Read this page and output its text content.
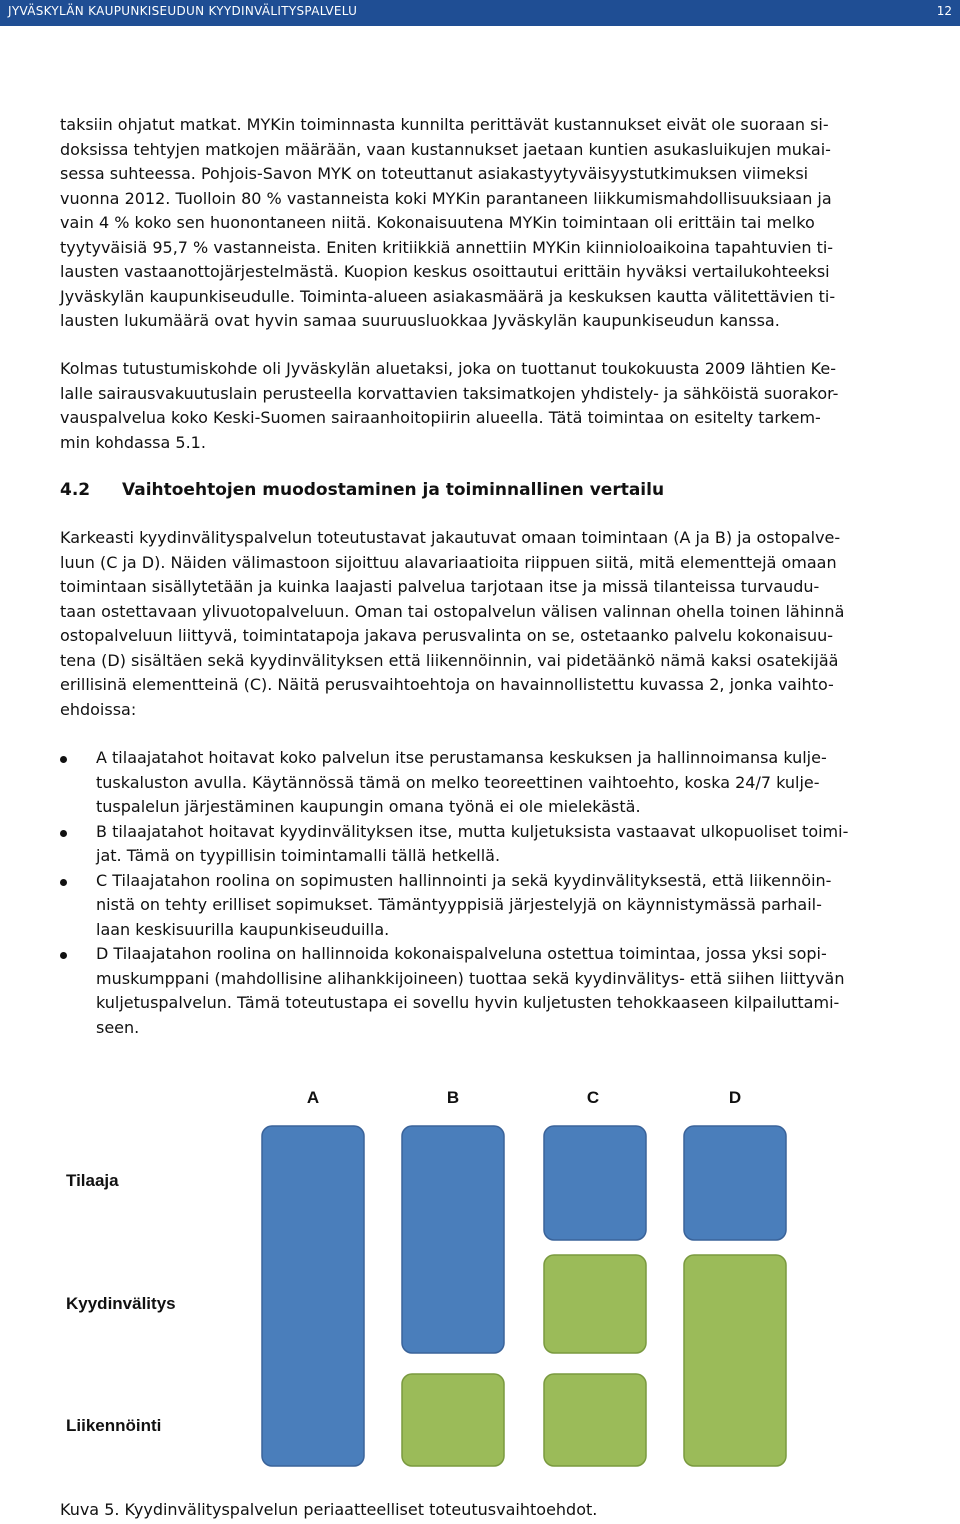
JYVÄSKYLÄN KAUPUNKISEUDUN KYYDINVÄLITYSPALVELU	12
taksiin ohjatut matkat. MYKin toiminnasta kunnilta perittävät kustannukset eivät ole suoraan si-
doksissa tehtyjen matkojen määrään, vaan kustannukset jaetaan kuntien asukasluikujen mukai-
sessa suhteessa. Pohjois-Savon MYK on toteuttanut asiakastyytyväisyystutkimuksen viimeksi
vuonna 2012. Tuolloin 80 % vastanneista koki MYKin parantaneen liikkumismahdollisuuksiaan ja
vain 4 % koko sen huonontaneen niitä. Kokonaisuutena MYKin toimintaan oli erittäin tai melko
tyytyväisiä 95,7 % vastanneista. Eniten kritiikkiä annettiin MYKin kiinnioloaikoina tapahtuvien ti-
lausten vastaanottojärjestelmästä. Kuopion keskus osoittautui erittäin hyväksi vertailukohteeksi
Jyväskylän kaupunkiseudulle. Toiminta-alueen asiakasmäärä ja keskuksen kautta välitettävien ti-
lausten lukumäärä ovat hyvin samaa suuruusluokkaa Jyväskylän kaupunkiseudun kanssa.
Kolmas tutustumiskohde oli Jyväskylän aluetaksi, joka on tuottanut toukokuusta 2009 lähtien Ke-
lalle sairausvakuutuslain perusteella korvattavien taksimatkojen yhdistely- ja sähköistä suorakor-
vauspalvelua koko Keski-Suomen sairaanhoitopiirin alueella. Tätä toimintaa on esitelty tarkem-
min kohdassa 5.1.
4.2 Vaihtoehtojen muodostaminen ja toiminnallinen vertailu
Karkeasti kyydinvälityspalvelun toteutustavat jakautuvat omaan toimintaan (A ja B) ja ostopalve-
luun (C ja D). Näiden välimastoon sijoittuu alavariaatioita riippuen siitä, mitä elementtejä omaan
toimintaan sisällytetään ja kuinka laajasti palvelua tarjotaan itse ja missä tilanteissa turvaudu-
taan ostettavaan ylivuotopalveluun. Oman tai ostopalvelun välisen valinnan ohella toinen lähinnä
ostopalveluun liittyvä, toimintatapoja jakava perusvalinta on se, ostetaanko palvelu kokonaisuu-
tena (D) sisältäen sekä kyydinvälityksen että liikennöinnin, vai pidetäänkö nämä kaksi osatekijää
erillisinä elementteinä (C). Näitä perusvaihtoehtoja on havainnollistettu kuvassa 2, jonka vaihto-
ehdoissa:
A tilaajatahot hoitavat koko palvelun itse perustamansa keskuksen ja hallinnoimansa kulje-
tuskaluston avulla. Käytännössä tämä on melko teoreettinen vaihtoehto, koska 24/7 kulje-
tuspalelun järjestäminen kaupungin omana työnä ei ole mielekästä.
B tilaajatahot hoitavat kyydinvälityksen itse, mutta kuljetuksista vastaavat ulkopuoliset toimi-
jat. Tämä on tyypillisin toimintamalli tällä hetkellä.
C Tilaajatahon roolina on sopimusten hallinnointi ja sekä kyydinvälityksestä, että liikennöin-
nistä on tehty erilliset sopimukset. Tämäntyyppisiä järjestelyjä on käynnistymässä parhail-
laan keskisuurilla kaupunkiseuduilla.
D Tilaajatahon roolina on hallinnoida kokonaispalveluna ostettua toimintaa, jossa yksi sopi-
muskumppani (mahdollisine alihankkijoineen) tuottaa sekä kyydinvälitys- että siihen liittyvän
kuljetuspalvelun. Tämä toteutustapa ei sovellu hyvin kuljetusten tehokkaaseen kilpailuttami-
seen.
A	B	C	D
Tilaaja
Kyydinvälitys
Liikennöinti
Kuva 5. Kyydinvälityspalvelun periaatteelliset toteutusvaihtoehdot.
